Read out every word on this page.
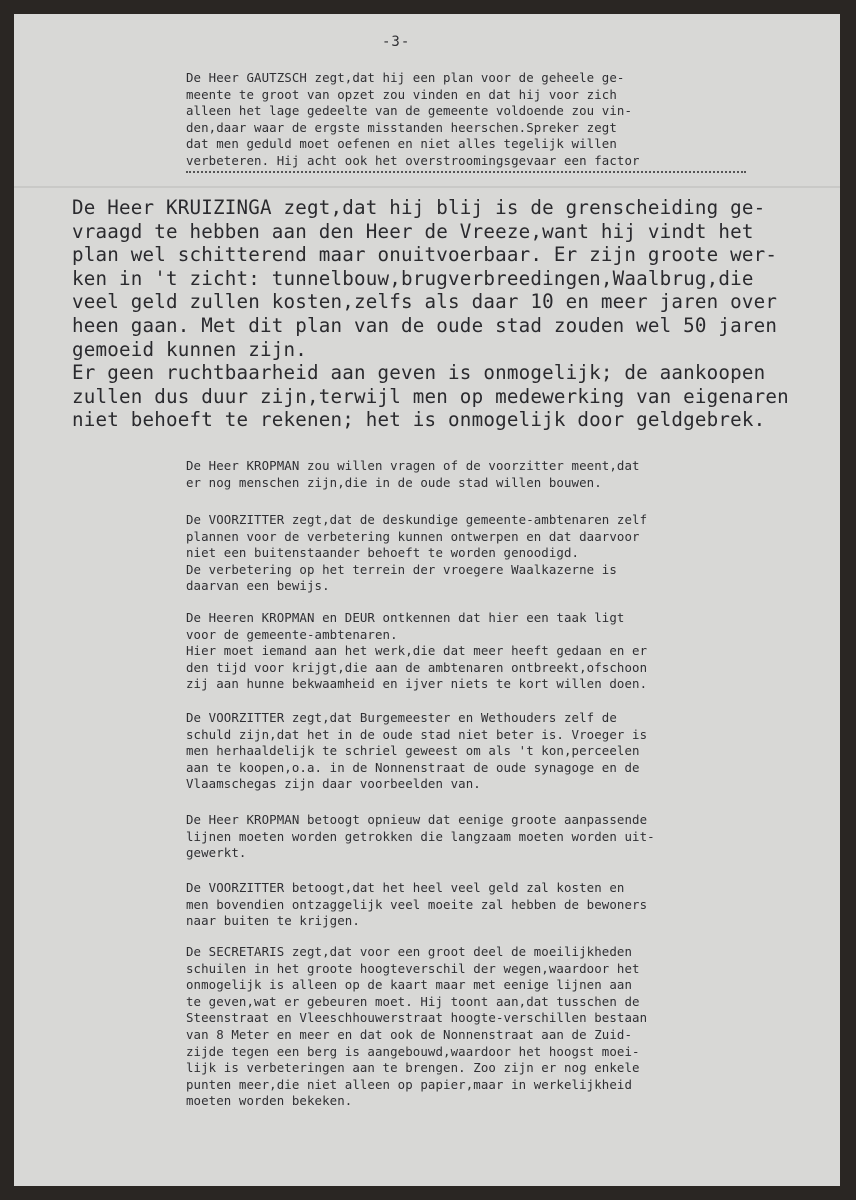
-3-

De Heer GAUTZSCH zegt,dat hij een plan voor de geheele ge-
meente te groot van opzet zou vinden en dat hij voor zich
alleen het lage gedeelte van de gemeente voldoende zou vin-
den,daar waar de ergste misstanden heerschen.Spreker zegt
dat men geduld moet oefenen en niet alles tegelijk willen
verbeteren. Hij acht ook het overstroomingsgevaar een factor

De Heer KRUIZINGA zegt,dat hij blij is de grenscheiding ge-
vraagd te hebben aan den Heer de Vreeze,want hij vindt het
plan wel schitterend maar onuitvoerbaar. Er zijn groote wer-
ken in 't zicht: tunnelbouw,brugverbreedingen,Waalbrug,die
veel geld zullen kosten,zelfs als daar 10 en meer jaren over
heen gaan. Met dit plan van de oude stad zouden wel 50 jaren
gemoeid kunnen zijn.
Er geen ruchtbaarheid aan geven is onmogelijk; de aankoopen
zullen dus duur zijn,terwijl men op medewerking van eigenaren
niet behoeft te rekenen; het is onmogelijk door geldgebrek.

De Heer KROPMAN zou willen vragen of de voorzitter meent,dat
er nog menschen zijn,die in de oude stad willen bouwen.

De VOORZITTER zegt,dat de deskundige gemeente-ambtenaren zelf
plannen voor de verbetering kunnen ontwerpen en dat daarvoor
niet een buitenstaander behoeft te worden genoodigd.
De verbetering op het terrein der vroegere Waalkazerne is
daarvan een bewijs.

De Heeren KROPMAN en DEUR ontkennen dat hier een taak ligt
voor de gemeente-ambtenaren.
Hier moet iemand aan het werk,die dat meer heeft gedaan en er
den tijd voor krijgt,die aan de ambtenaren ontbreekt,ofschoon
zij aan hunne bekwaamheid en ijver niets te kort willen doen.

De VOORZITTER zegt,dat Burgemeester en Wethouders zelf de
schuld zijn,dat het in de oude stad niet beter is. Vroeger is
men herhaaldelijk te schriel geweest om als 't kon,perceelen
aan te koopen,o.a. in de Nonnenstraat de oude synagoge en de
Vlaamschegas zijn daar voorbeelden van.

De Heer KROPMAN betoogt opnieuw dat eenige groote aanpassende
lijnen moeten worden getrokken die langzaam moeten worden uit-
gewerkt.

De VOORZITTER betoogt,dat het heel veel geld zal kosten en
men bovendien ontzaggelijk veel moeite zal hebben de bewoners
naar buiten te krijgen.

De SECRETARIS zegt,dat voor een groot deel de moeilijkheden
schuilen in het groote hoogteverschil der wegen,waardoor het
onmogelijk is alleen op de kaart maar met eenige lijnen aan
te geven,wat er gebeuren moet. Hij toont aan,dat tusschen de
Steenstraat en Vleeschhouwerstraat hoogte-verschillen bestaan
van 8 Meter en meer en dat ook de Nonnenstraat aan de Zuid-
zijde tegen een berg is aangebouwd,waardoor het hoogst moei-
lijk is verbeteringen aan te brengen. Zoo zijn er nog enkele
punten meer,die niet alleen op papier,maar in werkelijkheid
moeten worden bekeken.
